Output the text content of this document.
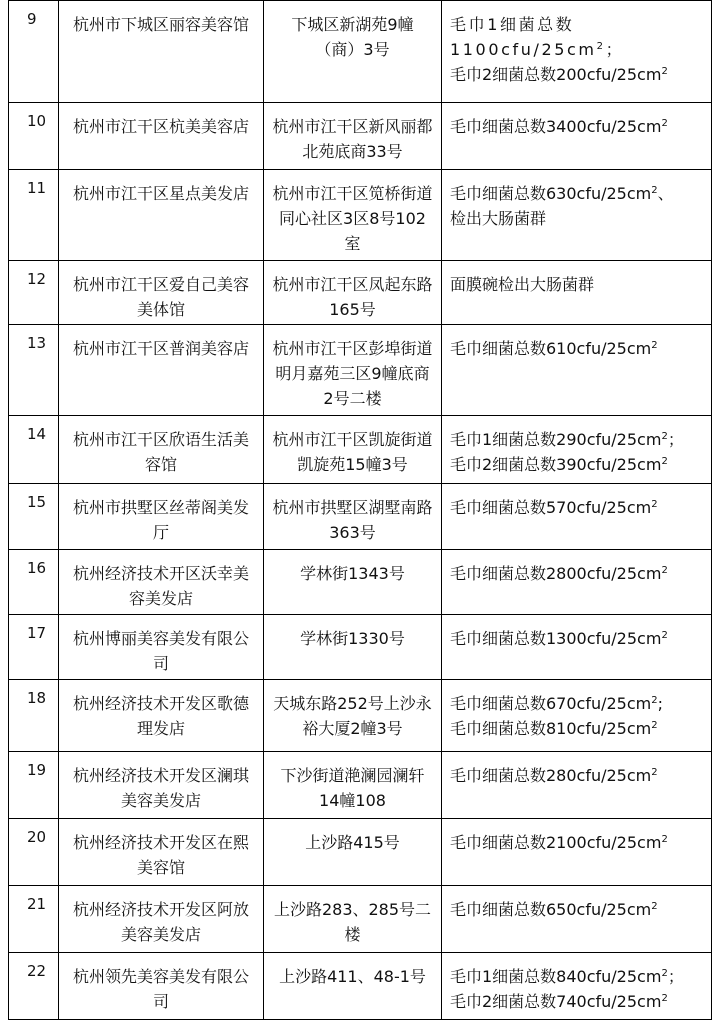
9	杭州市下城区丽容美容馆	下城区新湖苑9幢（商）3号	毛巾1细菌总数$1100cfu/25cm^2$；
毛巾2细菌总数$200cfu/25cm^2$

10	杭州市江干区杭美美容店	杭州市江干区新风丽都北苑底商33号	毛巾细菌总数$3400cfu/25cm^2$

11	杭州市江干区星点美发店	杭州市江干区笕桥街道同心社区3区8号102室	毛巾细菌总数$630cfu/25cm^2$、
检出大肠菌群

12	杭州市江干区爱自己美容美体馆	杭州市江干区凤起东路165号	面膜碗检出大肠菌群

13	杭州市江干区普润美容店	杭州市江干区彭埠街道明月嘉苑三区9幢底商2号二楼	毛巾细菌总数$610cfu/25cm^2$

14	杭州市江干区欣语生活美容馆	杭州市江干区凯旋街道凯旋苑15幢3号	毛巾1细菌总数$290cfu/25cm^2$；
毛巾2细菌总数$390cfu/25cm^2$

15	杭州市拱墅区丝蒂阁美发厅	杭州市拱墅区湖墅南路363号	毛巾细菌总数$570cfu/25cm^2$

16	杭州经济技术开区沃幸美容美发店	学林街1343号	毛巾细菌总数$2800cfu/25cm^2$

17	杭州博丽美容美发有限公司	学林街1330号	毛巾细菌总数$1300cfu/25cm^2$

18	杭州经济技术开发区歌德理发店	天城东路252号上沙永裕大厦2幢3号	毛巾细菌总数$670cfu/25cm^2$;
毛巾细菌总数$810cfu/25cm^2$

19	杭州经济技术开发区澜琪美容美发店	下沙街道滟澜园澜轩14幢108	毛巾细菌总数$280cfu/25cm^2$

20	杭州经济技术开发区在熙美容馆	上沙路415号	毛巾细菌总数$2100cfu/25cm^2$

21	杭州经济技术开发区阿放美容美发店	上沙路283、285号二楼	毛巾细菌总数$650cfu/25cm^2$

22	杭州领先美容美发有限公司	上沙路411、48-1号	毛巾1细菌总数$840cfu/25cm^2$；
毛巾2细菌总数$740cfu/25cm^2$
